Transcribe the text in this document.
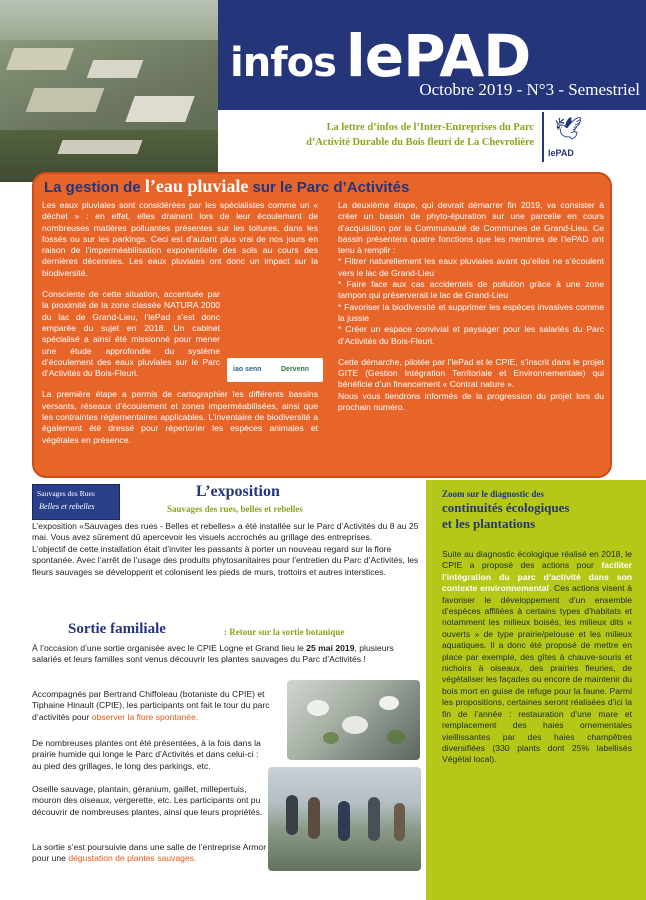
infos lePAD
Octobre 2019 - N°3 - Semestriel
La lettre d’infos de l’Inter-Entreprises du Parc
d’Activité Durable du Bois fleuri de La Chevrolière
🕊
lePAD
La gestion de l’eau pluviale sur le Parc d’Activités

Les eaux pluviales sont considérées par les spécialistes comme un « déchet » : en effet, elles drainent lors de leur écoulement de nombreuses matières polluantes présentes sur les toitures, dans les fossés ou sur les parkings. Ceci est d’autant plus vrai de nos jours en raison de l’imperméabilisation exponentielle des sols au cours des dernières décennies. Les eaux pluviales ont donc un impact sur la biodiversité.

Consciente de cette situation, accentuée par la proximité de la zone classée NATURA 2000 du lac de Grand-Lieu, l’lePad s’est donc emparée du sujet en 2018. Un cabinet spécialisé a ainsi été missionné pour mener une étude approfondie du système d’écoulement des eaux pluviales sur le Parc d’Activités du Bois-Fleuri.

La première étape a permis de cartographier les différents bassins versants, réseaux d’écoulement et zones imperméabilisées, ainsi que les contraintes réglementaires applicables. L’inventaire de biodiversité a également été dressé pour répertorier les espèces animales et végétales en présence.

iao senn	Dervenn

La deuxième étape, qui devrait démarrer fin 2019, va consister à créer un bassin de phyto-épuration sur une parcelle en cours d’acquisition par la Communauté de Communes de Grand-Lieu. Ce bassin présentera quatre fonctions que les membres de l’iePAD ont tenu à remplir :

* Filtrer naturellement les eaux pluviales avant qu’elles ne s’écoulent vers le lac de Grand-Lieu
* Faire face aux cas accidentels de pollution grâce à une zone tampon qui préserverait le lac de Grand-Lieu
* Favoriser la biodiversité et supprimer les espèces invasives comme la jussie
* Créer un espace convivial et paysager pour les salariés du Parc d’Activités du Bois-Fleuri.

Cette démarche, pilotée par l’lePad et le CPIE, s’inscrit dans le projet GITE (Gestion Intégration Territoriale et Environnementale) qui bénéficie d’un financement « Contrat nature ».

Nous vous tiendrons informés de la progression du projet lors du prochain numéro.

Zoom sur le diagnostic des
continuités écologiques
et les plantations
Suite au diagnostic écologique réalisé en 2018, le CPIE a proposé des actions pour faciliter l’intégration du parc d’activité dans son contexte environnemental. Ces actions visent à favoriser le développement d’un ensemble d’espèces affiliées à certains types d’habitats et notamment les milieux boisés, les milieux dits « ouverts » de type prairie/pelouse et les milieux aquatiques. Il a donc été proposé de mettre en place par exemple, des gîtes à chauve-souris et nichoirs à oiseaux, des prairies fleuries, de végétaliser les façades ou encore de maintenir du bois mort en guise de refuge pour la faune. Parmi les propositions, certaines seront réalisées d’ici la fin de l’année : restauration d’une mare et remplacement des haies ornementales vieillissantes par des haies champêtres diversifiées (330 plants dont 25% labellisés Végétal local).
Sauvages des Rues
Belles et rebelles
L’exposition
Sauvages des rues, belles et rebelles

L’exposition «Sauvages des rues - Belles et rebelles» a été installée sur le Parc d’Activités du 8 au 25 mai. Vous avez sûrement dû apercevoir les visuels accrochés au grillage des entreprises.

L’objectif de cette installation était d’inviter les passants à porter un nouveau regard sur la flore spontanée. Avec l’arrêt de l’usage des produits phytosanitaires pour l’entretien du Parc d’Activités, les fleurs sauvages se développent et colonisent les pieds de murs, trottoirs et autres interstices.

Sortie familiale	: Retour sur la sortie botanique
À l’occasion d’une sortie organisée avec le CPIE Logne et Grand lieu le 25 mai 2019, plusieurs salariés et leurs familles sont venus découvrir les plantes sauvages du Parc d’Activités !
Accompagnés par Bertrand Chiffoleau (botaniste du CPIE) et Tiphaine Hinault (CPIE), les participants ont fait le tour du parc d’activités pour observer la flore spontanée.
De nombreuses plantes ont été présentées, à la fois dans la prairie humide qui longe le Parc d’Activités et dans celui-ci : au pied des grillages, le long des parkings, etc.
Oseille sauvage, plantain, géranium, gaillet, millepertuis, mouron des oiseaux, vergerette, etc. Les participants ont pu découvrir de nombreuses plantes, ainsi que leurs propriétés.
La sortie s’est poursuivie dans une salle de l’entreprise Armor pour une dégustation de plantes sauvages.
